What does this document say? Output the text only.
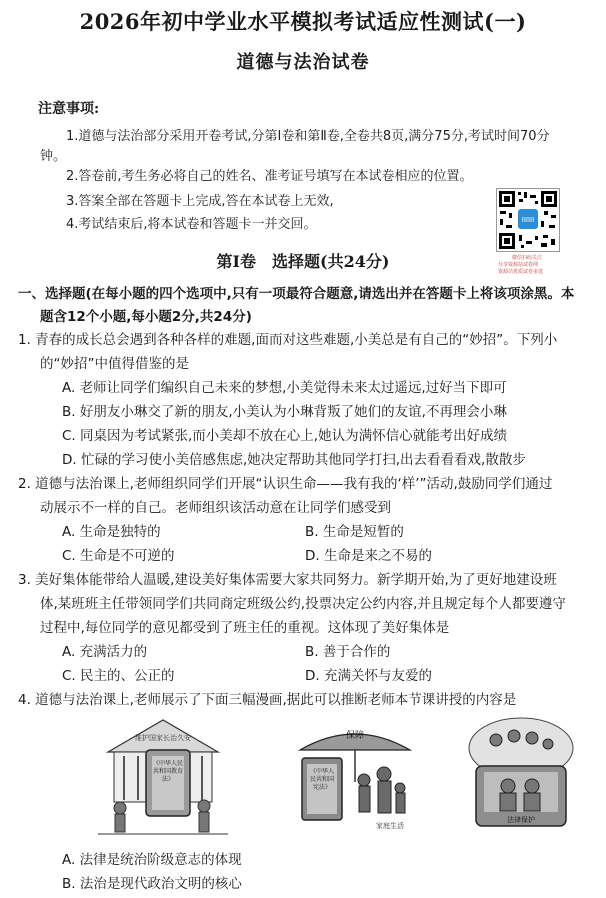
2026年初中学业水平模拟考试适应性测试(一)
道德与法治试卷
注意事项:
1.道德与法治部分采用开卷考试,分第Ⅰ卷和第Ⅱ卷,全卷共8页,满分75分,考试时间70分
钟。
2.答卷前,考生务必将自己的姓名、准考证号填写在本试卷相应的位置。
3.答案全部在答题卡上完成,答在本试卷上无效,
4.考试结束后,将本试卷和答题卡一并交回。	IIIIII
微信扫码关注
分享资源站试卷网
资源站优质试卷多选
第Ⅰ卷　选择题(共24分)
一、选择题(在每小题的四个选项中,只有一项最符合题意,请选出并在答题卡上将该项涂黑。本
题含12个小题,每小题2分,共24分)
1. 青春的成长总会遇到各种各样的难题,面而对这些难题,小美总是有自己的“妙招”。下列小
的“妙招”中值得借鉴的是
A. 老师让同学们编织自己未来的梦想,小美觉得未来太过遥远,过好当下即可
B. 好朋友小琳交了新的朋友,小美认为小琳背叛了她们的友谊,不再理会小琳
C. 同桌因为考试紧张,而小美却不放在心上,她认为满怀信心就能考出好成绩
D. 忙碌的学习使小美倍感焦虑,她决定帮助其他同学打扫,出去看看看戏,散散步
2. 道德与法治课上,老师组织同学们开展“认识生命——我有我的‘样’”活动,鼓励同学们通过
动展示不一样的自己。老师组织该活动意在让同学们感受到
A. 生命是独特的	B. 生命是短暂的
C. 生命是不可逆的	D. 生命是来之不易的
3. 美好集体能带给人温暖,建设美好集体需要大家共同努力。新学期开始,为了更好地建设班
体,某班班主任带领同学们共同商定班级公约,投票决定公约内容,并且规定每个人都要遵守
过程中,每位同学的意见都受到了班主任的重视。这体现了美好集体是
A. 充满活力的	B. 善于合作的
C. 民主的、公正的	D. 充满关怀与友爱的
4. 道德与法治课上,老师展示了下面三幅漫画,据此可以推断老师本节课讲授的内容是
维护国家长治久安
《中华人民共和国教育法》
保障
《中华人民共和国宪法》
家庭生活
法律保护
A. 法律是统治阶级意志的体现
B. 法治是现代政治文明的核心
